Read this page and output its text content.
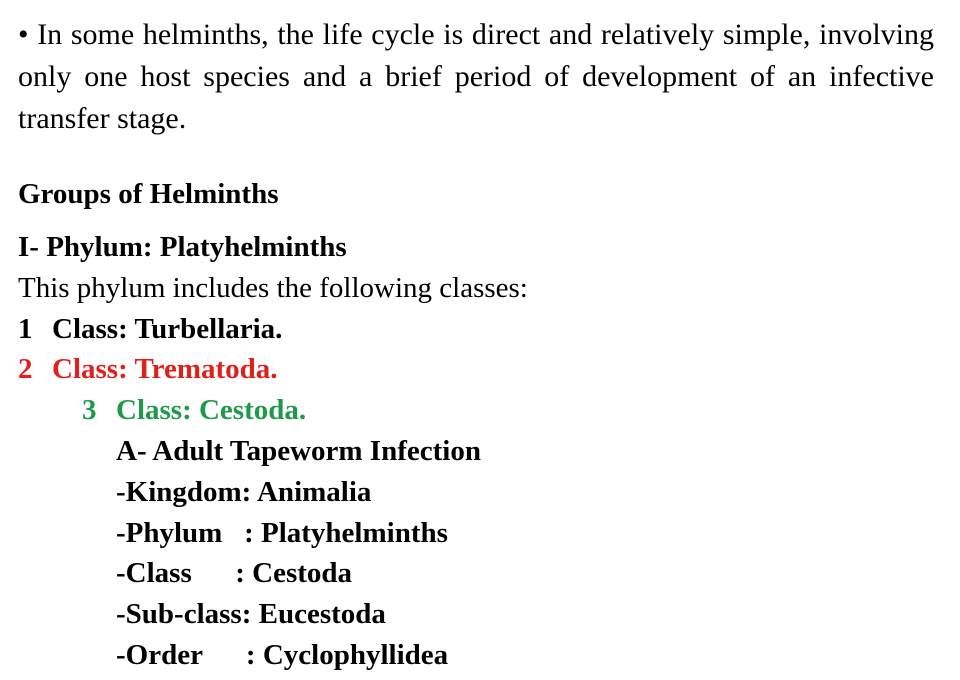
• In some helminths, the life cycle is direct and relatively simple, involving only one host species and a brief period of development of an infective transfer stage.

Groups of Helminths
I- Phylum: Platyhelminths
This phylum includes the following classes:
1 Class: Turbellaria.
2 Class: Trematoda.
3 Class: Cestoda.
A- Adult Tapeworm Infection
-Kingdom: Animalia
-Phylum   : Platyhelminths
-Class      : Cestoda
-Sub-class: Eucestoda
-Order      : Cyclophyllidea
